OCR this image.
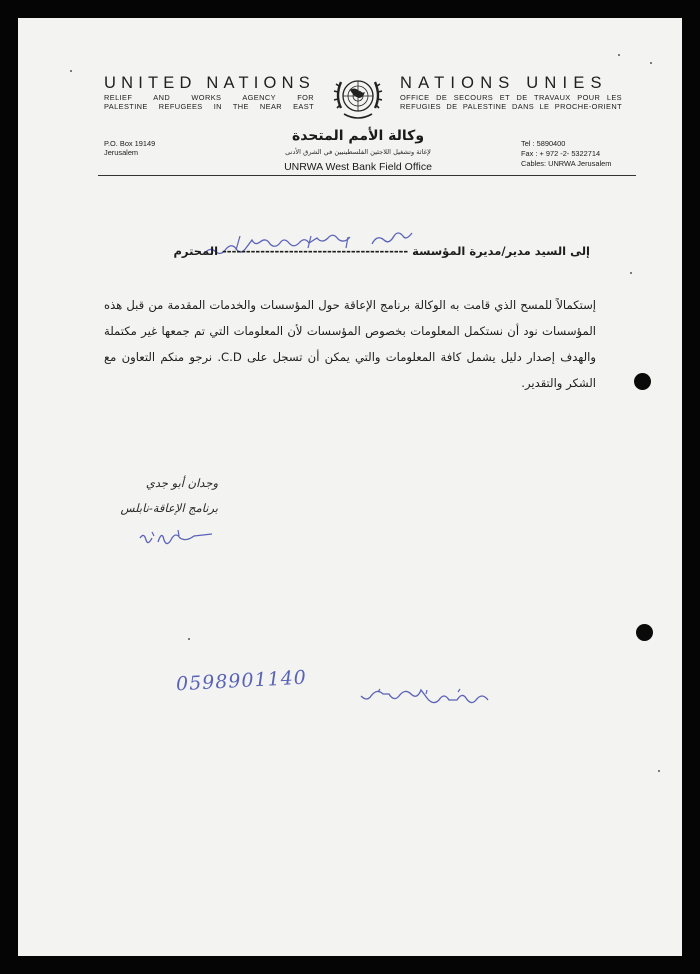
UNITED NATIONS
RELIEF AND WORKS AGENCY FOR
PALESTINE REFUGEES IN THE NEAR EAST
NATIONS UNIES
OFFICE DE SECOURS ET DE TRAVAUX POUR LES
REFUGIES DE PALESTINE DANS LE PROCHE-ORIENT
P.O. Box 19149
Jerusalem
وكالة الأمم المتحدة
لإغاثة وتشغيل اللاجئين الفلسطينيين في الشرق الأدنى
UNRWA West Bank Field Office
Tel : 5890400
Fax : + 972 -2- 5322714
Cables: UNRWA Jerusalem
إلى السيد مدير/مديرة المؤسسة --------------------------------------- المحترم
إستكمالاً للمسح الذي قامت به الوكالة برنامج الإعاقة حول المؤسسات والخدمات المقدمة من قبل هذه المؤسسات نود أن نستكمل المعلومات بخصوص المؤسسات لأن المعلومات التي تم جمعها غير مكتملة والهدف إصدار دليل يشمل كافة المعلومات والتي يمكن أن تسجل على C.D. نرجو منكم التعاون مع الشكر والتقدير.
وجدان أبو جدي
برنامج الإعاقة-نابلس
0598901140
